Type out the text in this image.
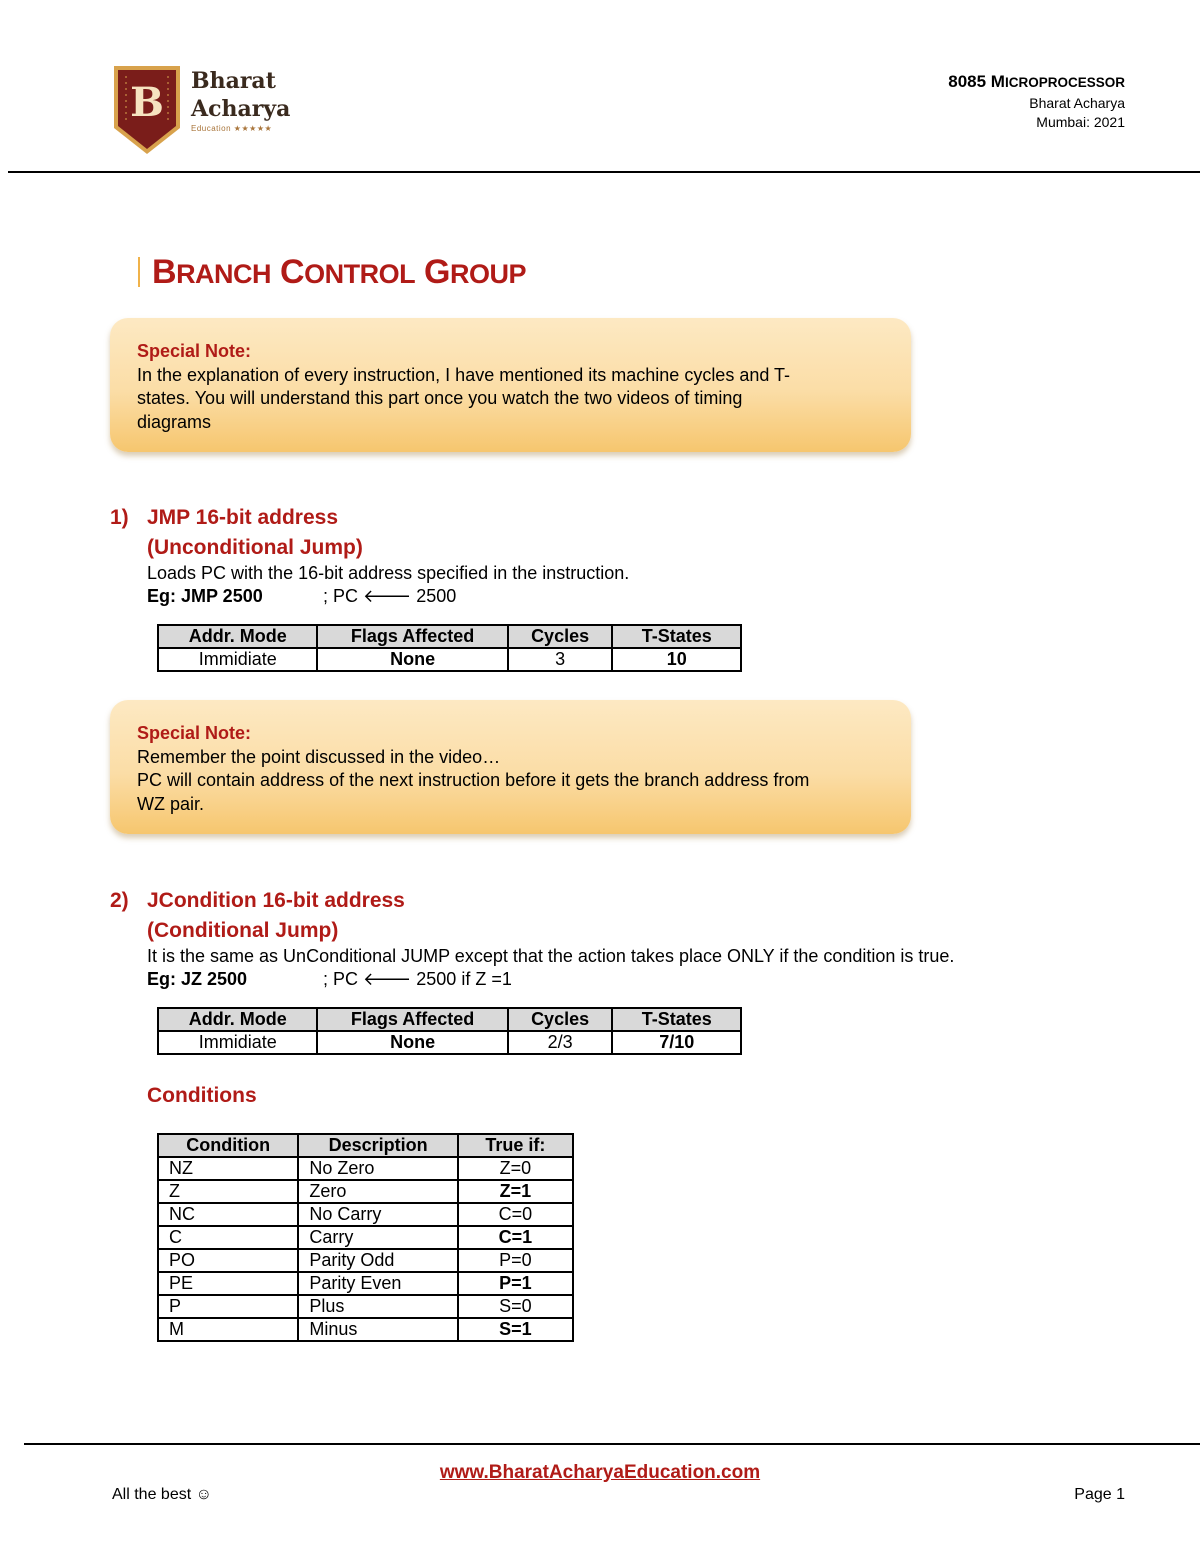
B Bharat
Acharya
Education ★★★★★
8085 MICROPROCESSOR
Bharat Acharya
Mumbai: 2021
BRANCH CONTROL GROUP
Special Note:
In the explanation of every instruction, I have mentioned its machine cycles and T-
states. You will understand this part once you watch the two videos of timing
diagrams
1) JMP 16-bit address
(Unconditional Jump)
Loads PC with the 16-bit address specified in the instruction.
Eg: JMP 2500	; PC 🡐 2500
Addr. Mode	Flags Affected	Cycles	T-States
Immidiate	None	3	10
Special Note:
Remember the point discussed in the video…
PC will contain address of the next instruction before it gets the branch address from
WZ pair.
2) JCondition 16-bit address
(Conditional Jump)
It is the same as UnConditional JUMP except that the action takes place ONLY if the condition is true.
Eg: JZ 2500	; PC 🡐 2500 if Z =1
Addr. Mode	Flags Affected	Cycles	T-States
Immidiate	None	2/3	7/10
Conditions
Condition	Description	True if:
NZ	No Zero	Z=0
Z	Zero	Z=1
NC	No Carry	C=0
C	Carry	C=1
PO	Parity Odd	P=0
PE	Parity Even	P=1
P	Plus	S=0
M	Minus	S=1
www.BharatAcharyaEducation.com
All the best ☺	Page 1
